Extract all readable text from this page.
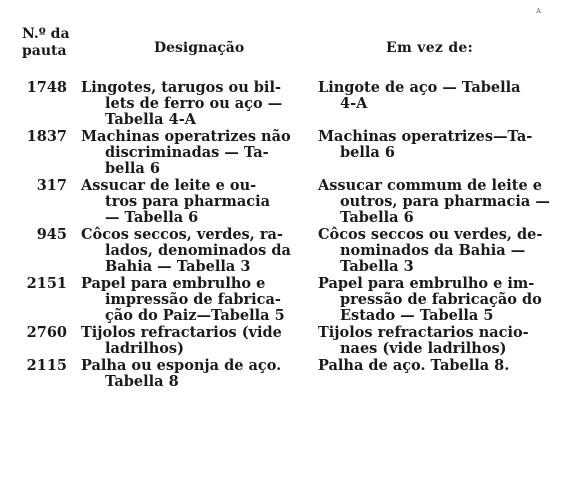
ᴀ
N.º da
pauta	Designação	Em vez de:
1748 Lingotes, tarugos ou bil-
lets de ferro ou aço —
Tabella 4-A
Lingote de aço — Tabella
4-A
1837 Machinas operatrizes não
discriminadas — Ta-
bella 6
Machinas operatrizes—Ta-
bella 6
317 Assucar de leite e ou-
tros para pharmacia
— Tabella 6
Assucar commum de leite e
outros, para pharmacia —
Tabella 6
945 Côcos seccos, verdes, ra-
lados, denominados da
Bahia — Tabella 3
Côcos seccos ou verdes, de-
nominados da Bahia —
Tabella 3
2151 Papel para embrulho e
impressão de fabrica-
ção do Paiz—Tabella 5
Papel para embrulho e im-
pressão de fabricação do
Estado — Tabella 5
2760 Tijolos refractarios (vide
ladrilhos)
Tijolos refractarios nacio-
naes (vide ladrilhos)
2115 Palha ou esponja de aço.
Tabella 8
Palha de aço. Tabella 8.
